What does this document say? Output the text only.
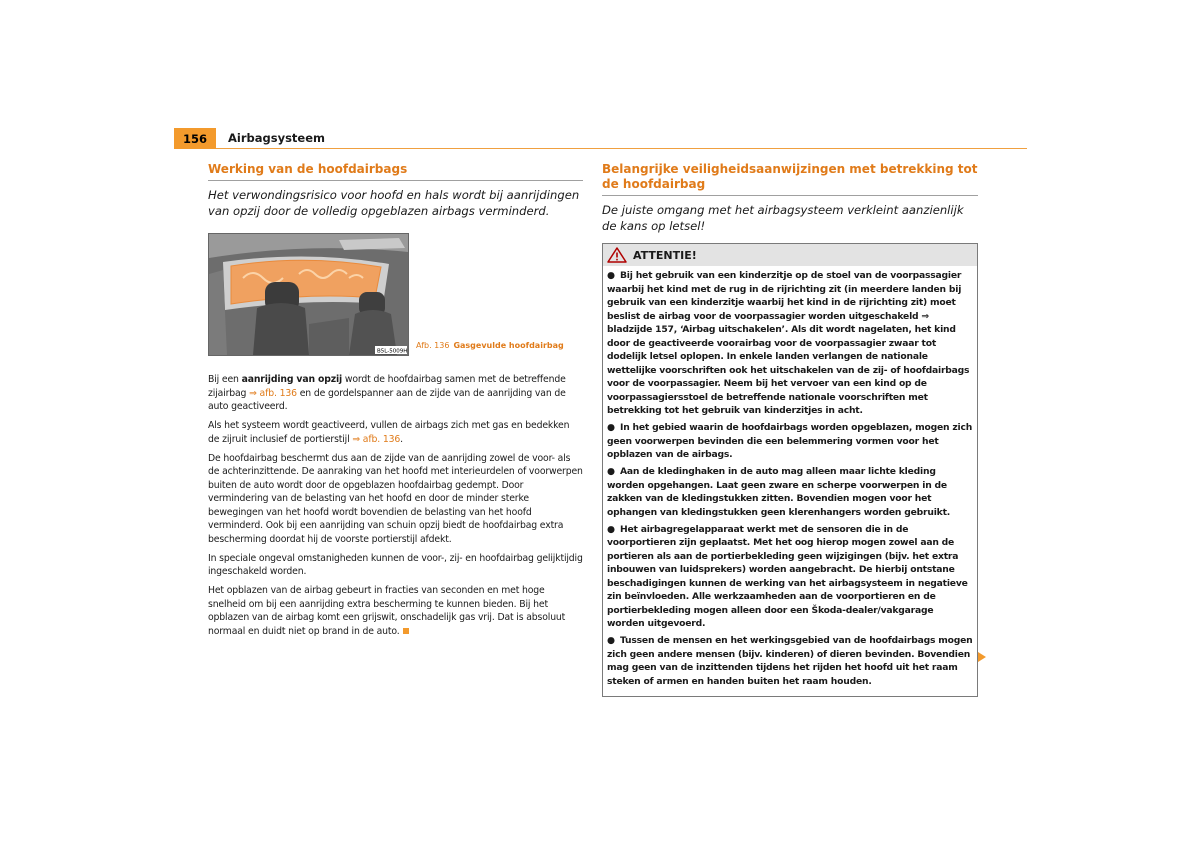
156	Airbagsysteem
Werking van de hoofdairbags

Het verwondingsrisico voor hoofd en hals wordt bij aanrijdingen van opzij door de volledig opgeblazen airbags verminderd.

B5L-5009H
Afb. 136 Gasgevulde hoofdairbag

Bij een aanrijding van opzij wordt de hoofdairbag samen met de betreffende zijairbag ⇒ afb. 136 en de gordelspanner aan de zijde van de aanrijding van de auto geactiveerd.

Als het systeem wordt geactiveerd, vullen de airbags zich met gas en bedekken de zijruit inclusief de portierstijl ⇒ afb. 136.

De hoofdairbag beschermt dus aan de zijde van de aanrijding zowel de voor- als de achterinzittende. De aanraking van het hoofd met interieurdelen of voorwerpen buiten de auto wordt door de opgeblazen hoofdairbag gedempt. Door vermindering van de belasting van het hoofd en door de minder sterke bewegingen van het hoofd wordt bovendien de belasting van het hoofd verminderd. Ook bij een aanrijding van schuin opzij biedt de hoofdairbag extra bescherming doordat hij de voorste portierstijl afdekt.

In speciale ongeval omstanigheden kunnen de voor-, zij- en hoofdairbag gelijktijdig ingeschakeld worden.

Het opblazen van de airbag gebeurt in fracties van seconden en met hoge snelheid om bij een aanrijding extra bescherming te kunnen bieden. Bij het opblazen van de airbag komt een grijswit, onschadelijk gas vrij. Dat is absoluut normaal en duidt niet op brand in de auto.

Belangrijke veiligheidsaanwijzingen met betrekking tot de hoofdairbag

De juiste omgang met het airbagsysteem verkleint aanzienlijk de kans op letsel!

ATTENTIE!

● Bij het gebruik van een kinderzitje op de stoel van de voorpassagier waarbij het kind met de rug in de rijrichting zit (in meerdere landen bij gebruik van een kinderzitje waarbij het kind in de rijrichting zit) moet beslist de airbag voor de voorpassagier worden uitgeschakeld ⇒ bladzijde 157, ‘Airbag uitschakelen’. Als dit wordt nagelaten, het kind door de geactiveerde voorairbag voor de voorpassagier zwaar tot dodelijk letsel oplopen. In enkele landen verlangen de nationale wettelijke voorschriften ook het uitschakelen van de zij- of hoofdairbags voor de voorpassagier. Neem bij het vervoer van een kind op de voorpassagiersstoel de betreffende nationale voorschriften met betrekking tot het gebruik van kinderzitjes in acht.

● In het gebied waarin de hoofdairbags worden opgeblazen, mogen zich geen voorwerpen bevinden die een belemmering vormen voor het opblazen van de airbags.

● Aan de kledinghaken in de auto mag alleen maar lichte kleding worden opgehangen. Laat geen zware en scherpe voorwerpen in de zakken van de kledingstukken zitten. Bovendien mogen voor het ophangen van kledingstukken geen klerenhangers worden gebruikt.

● Het airbagregelapparaat werkt met de sensoren die in de voorportieren zijn geplaatst. Met het oog hierop mogen zowel aan de portieren als aan de portierbekleding geen wijzigingen (bijv. het extra inbouwen van luidsprekers) worden aangebracht. De hierbij ontstane beschadigingen kunnen de werking van het airbagsysteem in negatieve zin beïnvloeden. Alle werkzaamheden aan de voorportieren en de portierbekleding mogen alleen door een Škoda-dealer/vakgarage worden uitgevoerd.

● Tussen de mensen en het werkingsgebied van de hoofdairbags mogen zich geen andere mensen (bijv. kinderen) of dieren bevinden. Bovendien mag geen van de inzittenden tijdens het rijden het hoofd uit het raam steken of armen en handen buiten het raam houden.
